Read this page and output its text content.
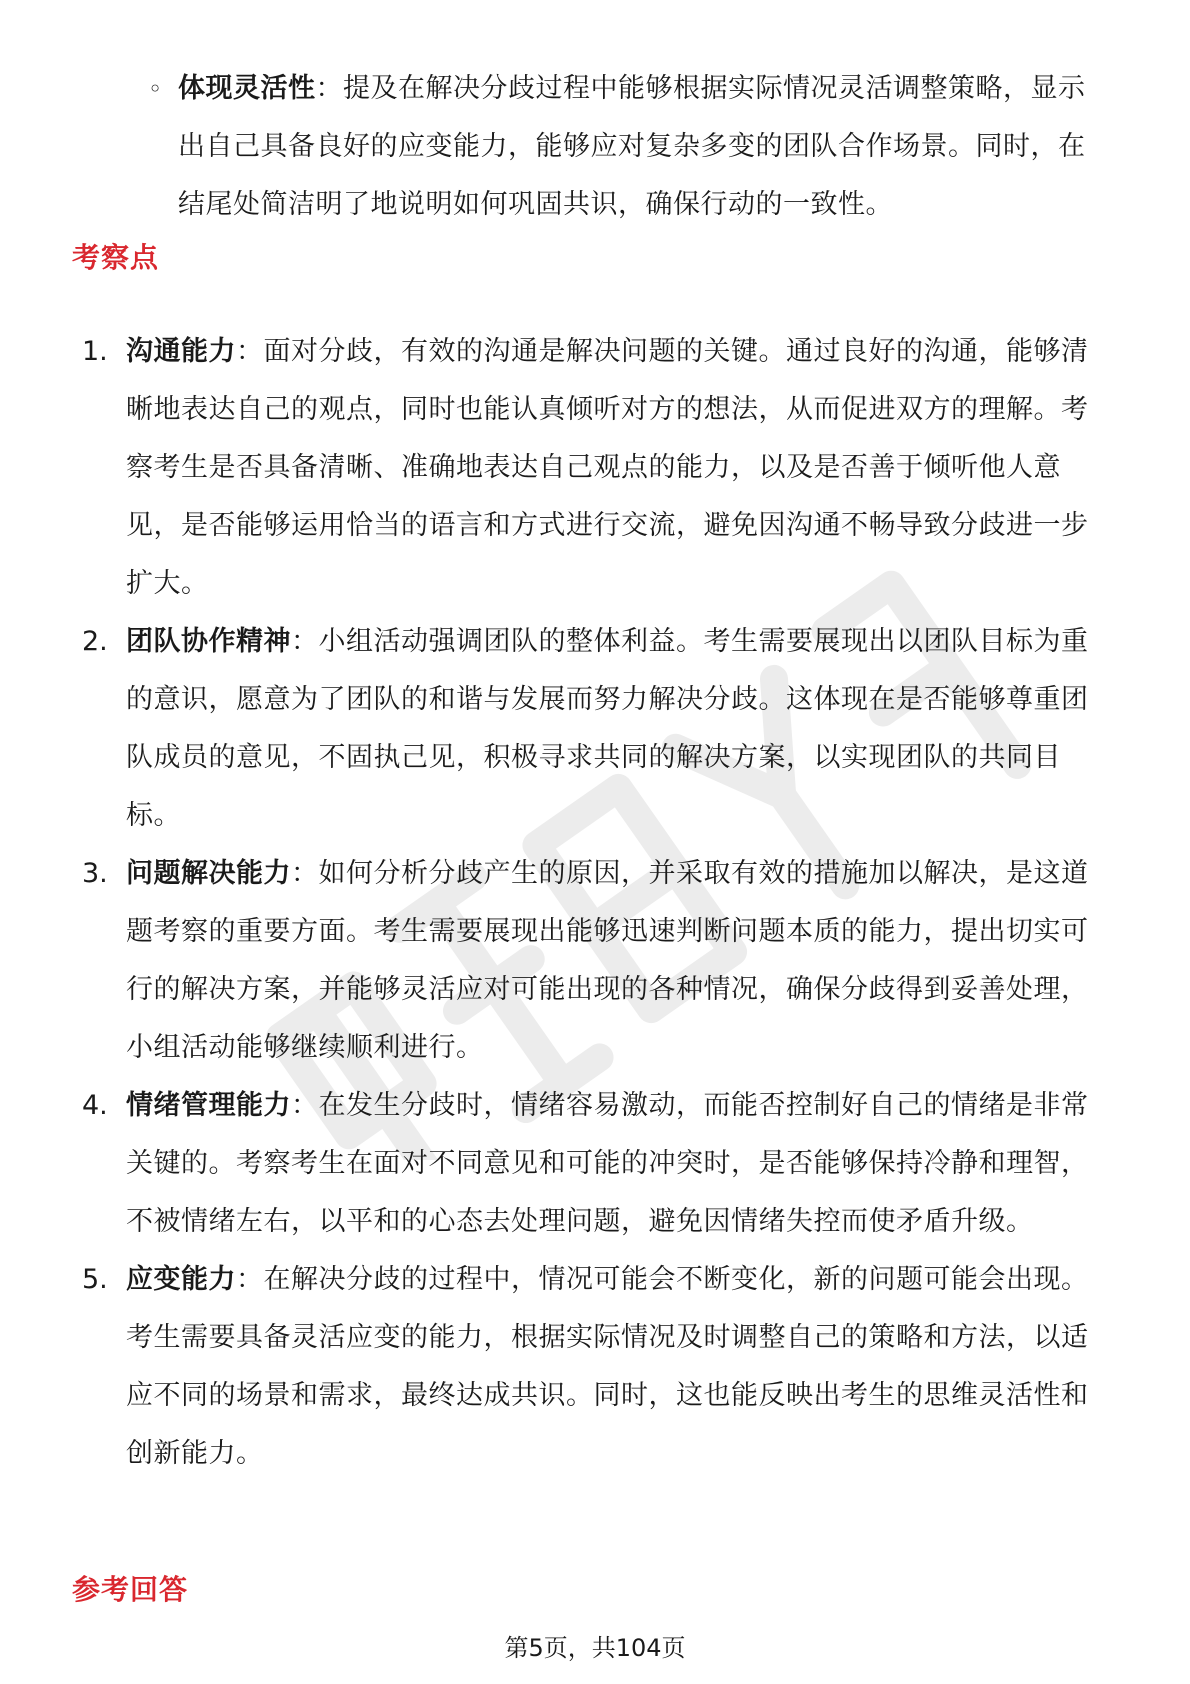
◦ 体现灵活性：提及在解决分歧过程中能够根据实际情况灵活调整策略，显示出自己具备良好的应变能力，能够应对复杂多变的团队合作场景。同时，在结尾处简洁明了地说明如何巩固共识，确保行动的一致性。
考察点
1. 沟通能力：面对分歧，有效的沟通是解决问题的关键。通过良好的沟通，能够清晰地表达自己的观点，同时也能认真倾听对方的想法，从而促进双方的理解。考察考生是否具备清晰、准确地表达自己观点的能力，以及是否善于倾听他人意见，是否能够运用恰当的语言和方式进行交流，避免因沟通不畅导致分歧进一步扩大。
2. 团队协作精神：小组活动强调团队的整体利益。考生需要展现出以团队目标为重的意识，愿意为了团队的和谐与发展而努力解决分歧。这体现在是否能够尊重团队成员的意见，不固执己见，积极寻求共同的解决方案，以实现团队的共同目标。
3. 问题解决能力：如何分析分歧产生的原因，并采取有效的措施加以解决，是这道题考察的重要方面。考生需要展现出能够迅速判断问题本质的能力，提出切实可行的解决方案，并能够灵活应对可能出现的各种情况，确保分歧得到妥善处理，小组活动能够继续顺利进行。
4. 情绪管理能力：在发生分歧时，情绪容易激动，而能否控制好自己的情绪是非常关键的。考察考生在面对不同意见和可能的冲突时，是否能够保持冷静和理智，不被情绪左右，以平和的心态去处理问题，避免因情绪失控而使矛盾升级。
5. 应变能力：在解决分歧的过程中，情况可能会不断变化，新的问题可能会出现。考生需要具备灵活应变的能力，根据实际情况及时调整自己的策略和方法，以适应不同的场景和需求，最终达成共识。同时，这也能反映出考生的思维灵活性和创新能力。
参考回答
第5页，共104页
